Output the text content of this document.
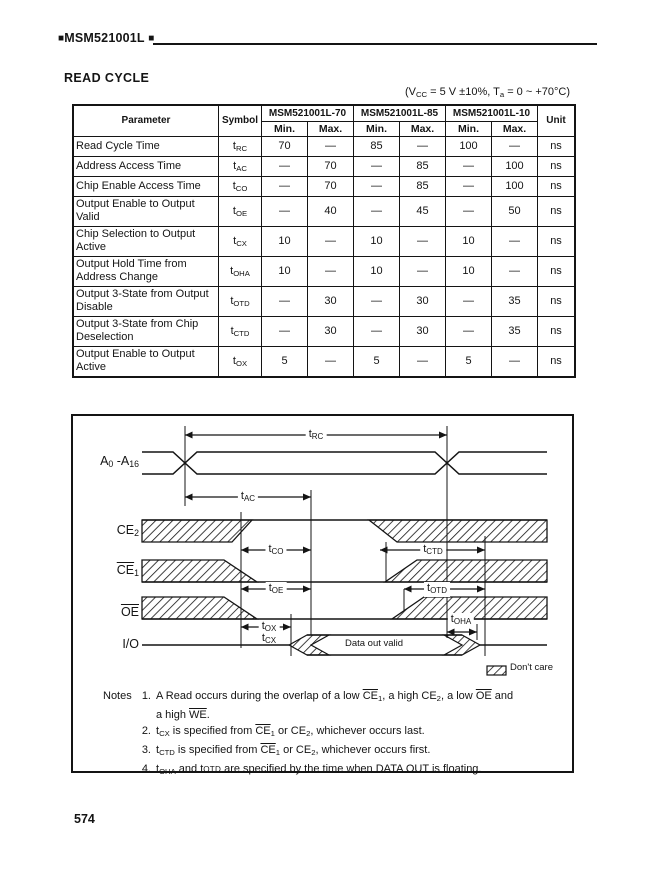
■MSM521001L ■
READ CYCLE
($V_{CC} = 5$ V ±10%, $T_a = 0$ ~ +70°C)
Parameter	Symbol	MSM521001L-70		MSM521001L-85		MSM521001L-10		Unit
		Min.	Max.	Min.	Max.	Min.	Max.	
Read Cycle Time	$t_{RC}$	70	—	85	—	100	—	ns
Address Access Time	$t_{AC}$	—	70	—	85	—	100	ns
Chip Enable Access Time	$t_{CO}$	—	70	—	85	—	100	ns
Output Enable to Output Valid	$t_{OE}$	—	40	—	45	—	50	ns
Chip Selection to Output Active	$t_{CX}$	10	—	10	—	10	—	ns
Output Hold Time from Address Change	$t_{OHA}$	10	—	10	—	10	—	ns
Output 3-State from Output Disable	$t_{OTD}$	—	30	—	30	—	35	ns
Output 3-State from Chip Deselection	$t_{CTD}$	—	30	—	30	—	35	ns
Output Enable to Output Active	$t_{OX}$	5	—	5	—	5	—	ns
$A_0$ $-A_{16}$
$CE_2$
$\overline{CE}_1$
$\overline{OE}$
I/O
$t_{RC}$
$t_{AC}$
$t_{CO}$	$t_{CTD}$
$t_{OE}$	$t_{OTD}$
$t_{OX}$
$t_{CX}$
$t_{OHA}$
Data out valid
Don't care
Notes 1. A Read occurs during the overlap of a low $\overline{CE}_1$, a high $CE_2$, a low $\overline{OE}$ and
a high $\overline{WE}$.
2. $t_{CX}$ is specified from $\overline{CE}_1$ or $CE_2$, whichever occurs last.
3. $t_{CTD}$ is specified from $\overline{CE}_1$ or $CE_2$, whichever occurs first.
4. $t_{OHA}$ and tOTD are specified by the time when DATA OUT is floating.
574
